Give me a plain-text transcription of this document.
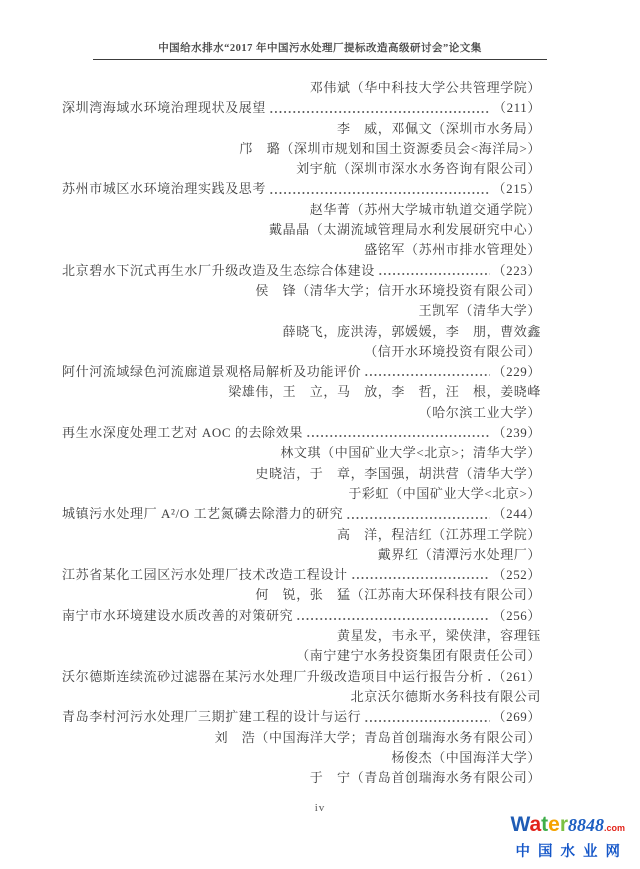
中国给水排水“2017 年中国污水处理厂提标改造高级研讨会”论文集
邓伟斌（华中科技大学公共管理学院）
深圳湾海域水环境治理现状及展望	（211）
李　威，邓佩文（深圳市水务局）
邝　璐（深圳市规划和国土资源委员会<海洋局>）
刘宇航（深圳市深水水务咨询有限公司）
苏州市城区水环境治理实践及思考	（215）
赵华菁（苏州大学城市轨道交通学院）
戴晶晶（太湖流域管理局水利发展研究中心）
盛铭军（苏州市排水管理处）
北京碧水下沉式再生水厂升级改造及生态综合体建设	（223）
侯　锋（清华大学；信开水环境投资有限公司）
王凯军（清华大学）
薛晓飞，庞洪涛，郭媛媛，李　朋，曹效鑫
（信开水环境投资有限公司）
阿什河流域绿色河流廊道景观格局解析及功能评价	（229）
梁雄伟，王　立，马　放，李　哲，汪　根，姜晓峰
（哈尔滨工业大学）
再生水深度处理工艺对 AOC 的去除效果	（239）
林文琪（中国矿业大学<北京>；清华大学）
史晓洁，于　章，李国强，胡洪营（清华大学）
于彩虹（中国矿业大学<北京>）
城镇污水处理厂 A²/O 工艺氮磷去除潜力的研究	（244）
高　洋，程洁红（江苏理工学院）
戴界红（清潭污水处理厂）
江苏省某化工园区污水处理厂技术改造工程设计	（252）
何　锐，张　猛（江苏南大环保科技有限公司）
南宁市水环境建设水质改善的对策研究	（256）
黄星发，韦永平，梁侠津，容理钰
（南宁建宁水务投资集团有限责任公司）
沃尔德斯连续流砂过滤器在某污水处理厂升级改造项目中运行报告分析 （261）
北京沃尔德斯水务科技有限公司
青岛李村河污水处理厂三期扩建工程的设计与运行	（269）
刘　浩（中国海洋大学；青岛首创瑞海水务有限公司）
杨俊杰（中国海洋大学）
于　宁（青岛首创瑞海水务有限公司）
iv
Water8848.com
中国水业网
